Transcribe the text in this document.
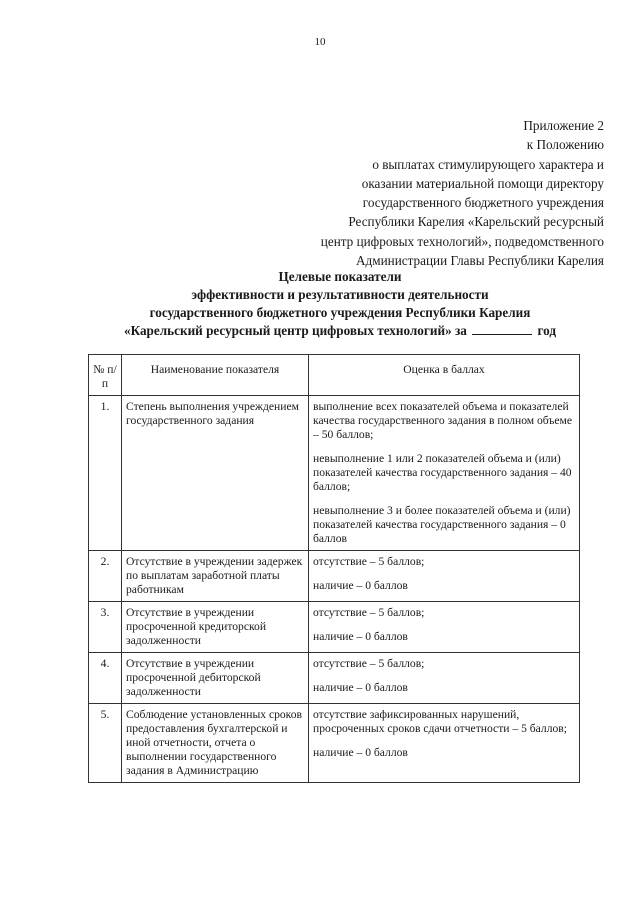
10
Приложение 2
к Положению
о выплатах стимулирующего характера и
оказании материальной помощи директору
государственного бюджетного учреждения
Республики Карелия «Карельский ресурсный
центр цифровых технологий», подведомственного
Администрации Главы Республики Карелия
Целевые показатели
эффективности и результативности деятельности
государственного бюджетного учреждения Республики Карелия
«Карельский ресурсный центр цифровых технологий» за	год
№ п/п	Наименование показателя	Оценка в баллах
1.	Степень выполнения учреждением государственного задания	выполнение всех показателей объема и показателей качества государственного задания в полном объеме – 50 баллов;
невыполнение 1 или 2 показателей объема и (или) показателей качества государственного задания – 40 баллов;
невыполнение 3 и более показателей объема и (или) показателей качества государственного задания – 0 баллов

2.	Отсутствие в учреждении задержек по выплатам заработной платы работникам	отсутствие – 5 баллов;
наличие – 0 баллов

3.	Отсутствие в учреждении просроченной кредиторской задолженности	отсутствие – 5 баллов;
наличие – 0 баллов

4.	Отсутствие в учреждении просроченной дебиторской задолженности	отсутствие – 5 баллов;
наличие – 0 баллов

5.	Соблюдение установленных сроков предоставления бухгалтерской и иной отчетности, отчета о выполнении государственного задания в Администрацию	отсутствие зафиксированных нарушений, просроченных сроков сдачи отчетности – 5 баллов;
наличие – 0 баллов
